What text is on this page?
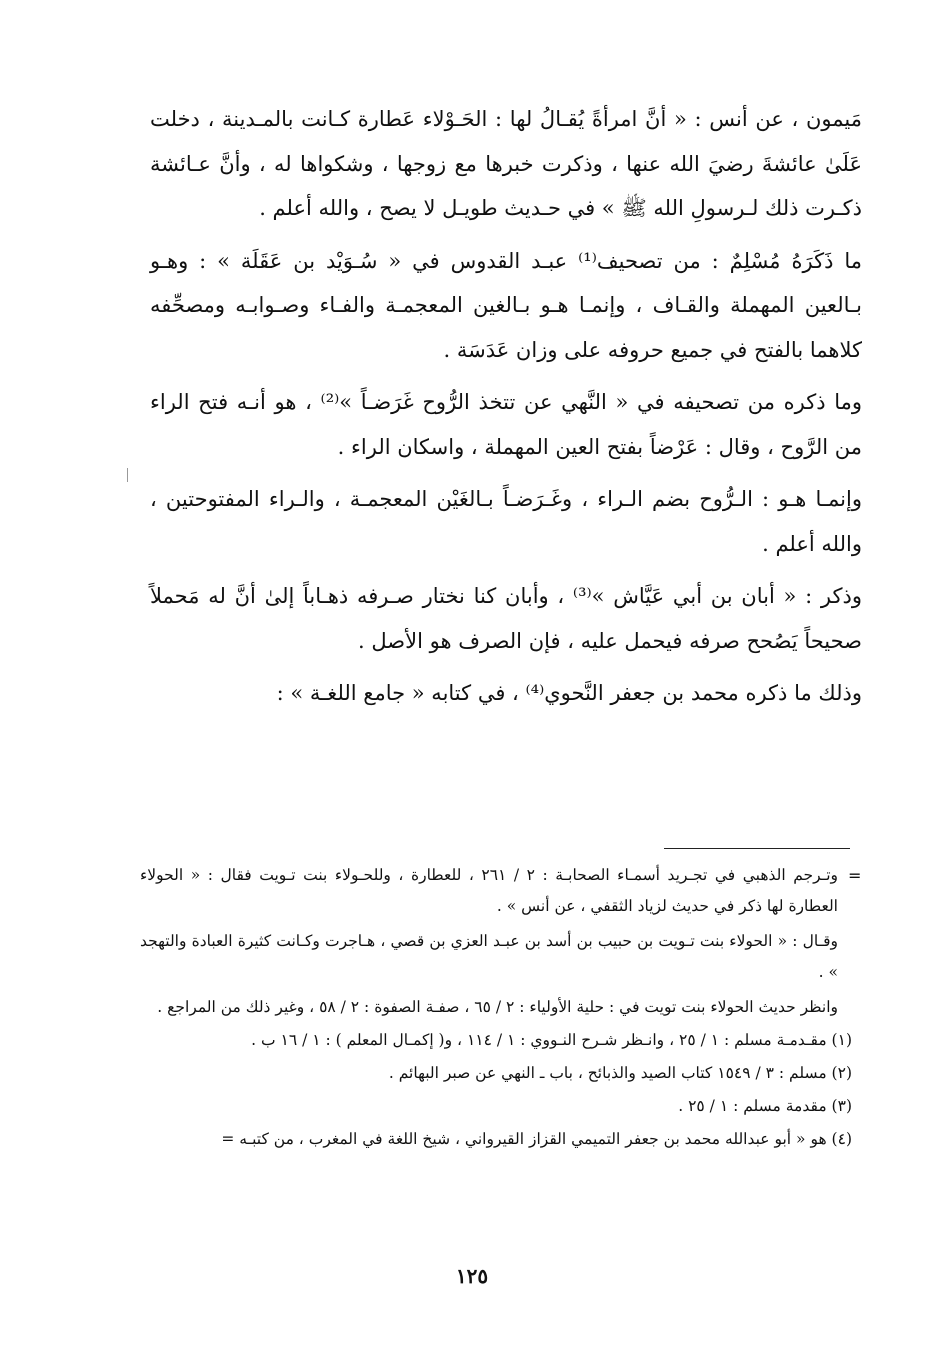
مَيمون ، عن أنس : « أنَّ امرأةً يُقـالُ لها : الحَـوْلاء عَطارة كـانت بالمـدينة ، دخلت عَلَىٰ عائشةَ رضيَ الله عنها ، وذكرت خبرها مع زوجها ، وشكواها له ، وأنَّ عـائشة ذكـرت ذلك لـرسولِ الله ﷺ » في حـديث طويـل لا يصح ، والله أعلم .

ما ذَكَرَهُ مُسْلِمٌ : من تصحيف⁽¹⁾ عبـد القدوس في « سُـوَيْد بن عَقَلَة » : وهـو بـالعين المهملة والقـاف ، وإنمـا هـو بـالغين المعجمـة والفـاء وصـوابـه ومصحِّفه كلاهما بالفتح في جميع حروفه على وزان عَدَسَة .

وما ذكره من تصحيفه في « النَّهي عن تتخذ الرُّوح غَرَضـاً »⁽²⁾ ، هو أنـه فتح الراء من الرَّوح ، وقال : عَرْضاً بفتح العين المهملة ، واسكان الراء .

وإنمـا هـو : الـرُّوح بضم الـراء ، وغَـرَضـاً بـالغَيْن المعجمـة ، والـراء المفتوحتين ، والله أعلم .

وذكر : « أبان بن أبي عَيَّاش »⁽³⁾ ، وأبان كنا نختار صـرفه ذهـاباً إلىٰ أنَّ له مَحملاً صحيحاً يَصُحح صرفه فيحمل عليه ، فإن الصرف هو الأصل .

وذلك ما ذكره محمد بن جعفر النَّحوي⁽⁴⁾ ، في كتابه « جامع اللغـة » :

=

وتـرجم الذهبي في تجـريد أسمـاء الصحابـة : ٢ / ٢٦١ ، للعطارة ، وللحـولاء بنت تـويت فقال : « الحولاء العطارة لها ذكر في حديث لزياد الثقفي ، عن أنس » .

وقـال : « الحولاء بنت تـويت بن حبيب بن أسد بن عبـد العزي بن قصي ، هـاجرت وكـانت كثيرة العبادة والتهجد » .

وانظر حديث الحولاء بنت تويت في : حلية الأولياء : ٢ / ٦٥ ، صفـة الصفوة : ٢ / ٥٨ ، وغير ذلك من المراجع .

(١) مقـدمـة مسلم : ١ / ٢٥ ، وانـظر شـرح النـووي : ١ / ١١٤ ، و( إكمـال المعلم ) : ١ / ١٦ ب .

(٢) مسلم : ٣ / ١٥٤٩ كتاب الصيد والذبائح ، باب ـ النهي عن صبر البهائم .

(٣) مقدمة مسلم : ١ / ٢٥ .

(٤) هو « أبو عبدالله محمد بن جعفر التميمي القزاز القيرواني ، شيخ اللغة في المغرب ، من كتبـه =

١٢٥
